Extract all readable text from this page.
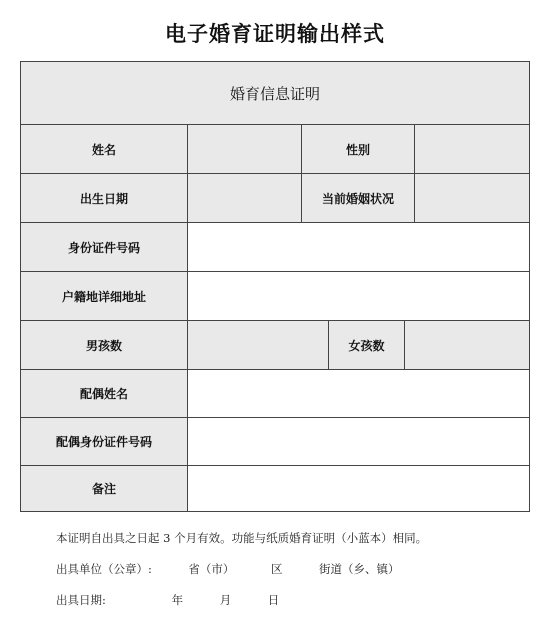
电子婚育证明输出样式
婚育信息证明
姓名	性别
出生日期	当前婚姻状况
身份证件号码
户籍地详细地址
男孩数	女孩数
配偶姓名
配偶身份证件号码
备注
本证明自出具之日起 3 个月有效。功能与纸质婚育证明（小蓝本）相同。
出具单位（公章）:          省（市）          区          街道（乡、镇）
出具日期:                  年          月          日
